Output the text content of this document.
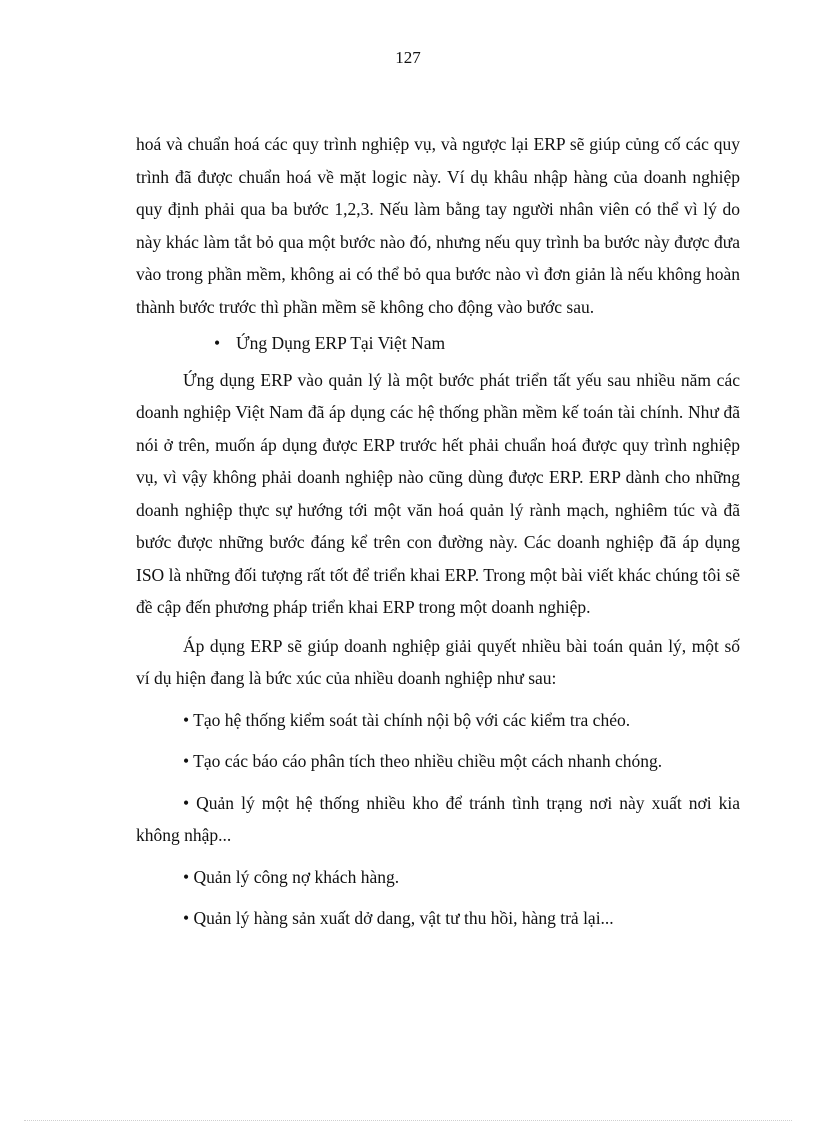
127

hoá và chuẩn hoá các quy trình nghiệp vụ, và ngược lại ERP sẽ giúp củng cố các quy trình đã được chuẩn hoá về mặt logic này. Ví dụ khâu nhập hàng của doanh nghiệp quy định phải qua ba bước 1,2,3. Nếu làm bằng tay người nhân viên có thể vì lý do này khác làm tắt bỏ qua một bước nào đó, nhưng nếu quy trình ba bước này được đưa vào trong phần mềm, không ai có thể bỏ qua bước nào vì đơn giản là nếu không hoàn thành bước trước thì phần mềm sẽ không cho động vào bước sau.

• Ứng Dụng ERP Tại Việt Nam

Ứng dụng ERP vào quản lý là một bước phát triển tất yếu sau nhiều năm các doanh nghiệp Việt Nam đã áp dụng các hệ thống phần mềm kế toán tài chính. Như đã nói ở trên, muốn áp dụng được ERP trước hết phải chuẩn hoá được quy trình nghiệp vụ, vì vậy không phải doanh nghiệp nào cũng dùng được ERP. ERP dành cho những doanh nghiệp thực sự hướng tới một văn hoá quản lý rành mạch, nghiêm túc và đã bước được những bước đáng kể trên con đường này. Các doanh nghiệp đã áp dụng ISO là những đối tượng rất tốt để triển khai ERP. Trong một bài viết khác chúng tôi sẽ đề cập đến phương pháp triển khai ERP trong một doanh nghiệp.

Áp dụng ERP sẽ giúp doanh nghiệp giải quyết nhiều bài toán quản lý, một số ví dụ hiện đang là bức xúc của nhiều doanh nghiệp như sau:

• Tạo hệ thống kiểm soát tài chính nội bộ với các kiểm tra chéo.

• Tạo các báo cáo phân tích theo nhiều chiều một cách nhanh chóng.

• Quản lý một hệ thống nhiều kho để tránh tình trạng nơi này xuất nơi kia không nhập...

• Quản lý công nợ khách hàng.

• Quản lý hàng sản xuất dở dang, vật tư thu hồi, hàng trả lại...
